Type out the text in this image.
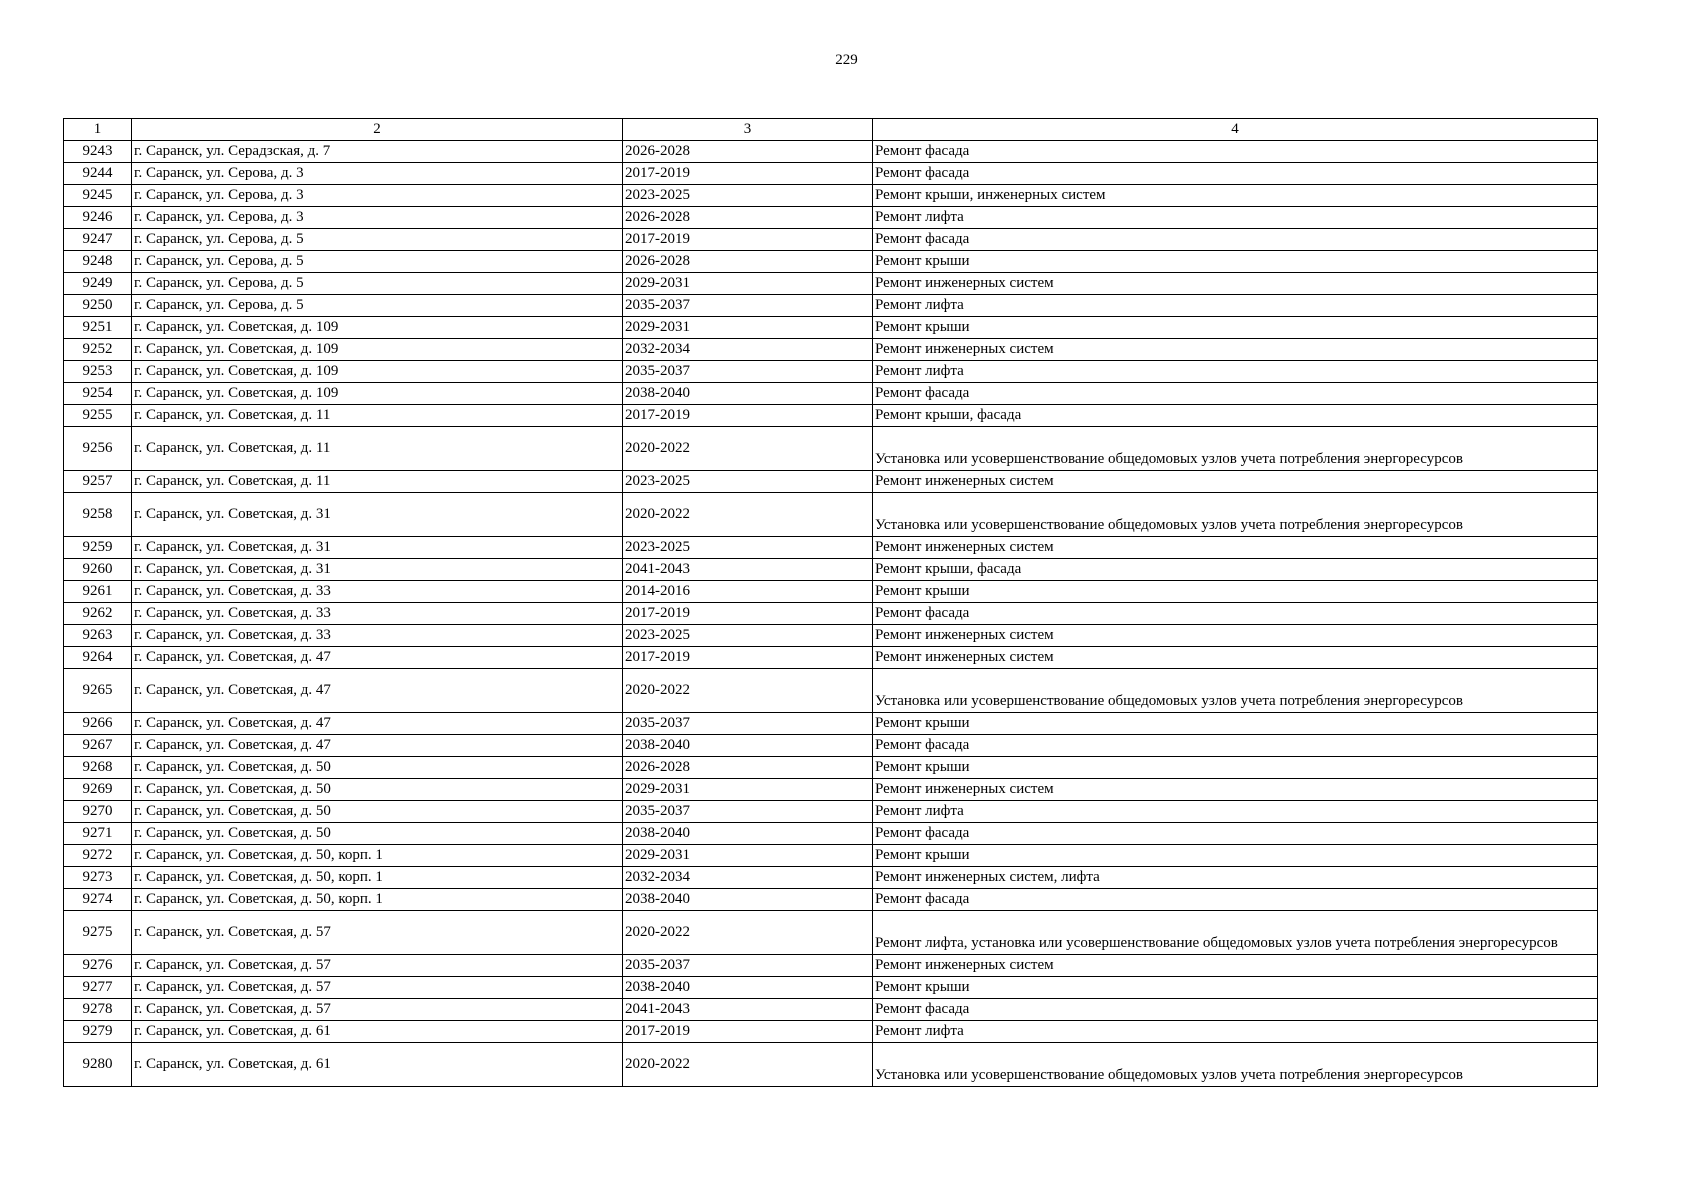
229
1	2	3	4
9243	г. Саранск, ул. Серадзская, д. 7	2026-2028	Ремонт фасада
9244	г. Саранск, ул. Серова, д. 3	2017-2019	Ремонт фасада
9245	г. Саранск, ул. Серова, д. 3	2023-2025	Ремонт крыши, инженерных систем
9246	г. Саранск, ул. Серова, д. 3	2026-2028	Ремонт лифта
9247	г. Саранск, ул. Серова, д. 5	2017-2019	Ремонт фасада
9248	г. Саранск, ул. Серова, д. 5	2026-2028	Ремонт крыши
9249	г. Саранск, ул. Серова, д. 5	2029-2031	Ремонт инженерных систем
9250	г. Саранск, ул. Серова, д. 5	2035-2037	Ремонт лифта
9251	г. Саранск, ул. Советская, д. 109	2029-2031	Ремонт крыши
9252	г. Саранск, ул. Советская, д. 109	2032-2034	Ремонт инженерных систем
9253	г. Саранск, ул. Советская, д. 109	2035-2037	Ремонт лифта
9254	г. Саранск, ул. Советская, д. 109	2038-2040	Ремонт фасада
9255	г. Саранск, ул. Советская, д. 11	2017-2019	Ремонт крыши, фасада
9256	г. Саранск, ул. Советская, д. 11	2020-2022	Установка или усовершенствование общедомовых узлов учета потребления энергоресурсов
9257	г. Саранск, ул. Советская, д. 11	2023-2025	Ремонт инженерных систем
9258	г. Саранск, ул. Советская, д. 31	2020-2022	Установка или усовершенствование общедомовых узлов учета потребления энергоресурсов
9259	г. Саранск, ул. Советская, д. 31	2023-2025	Ремонт инженерных систем
9260	г. Саранск, ул. Советская, д. 31	2041-2043	Ремонт крыши, фасада
9261	г. Саранск, ул. Советская, д. 33	2014-2016	Ремонт крыши
9262	г. Саранск, ул. Советская, д. 33	2017-2019	Ремонт фасада
9263	г. Саранск, ул. Советская, д. 33	2023-2025	Ремонт инженерных систем
9264	г. Саранск, ул. Советская, д. 47	2017-2019	Ремонт инженерных систем
9265	г. Саранск, ул. Советская, д. 47	2020-2022	Установка или усовершенствование общедомовых узлов учета потребления энергоресурсов
9266	г. Саранск, ул. Советская, д. 47	2035-2037	Ремонт крыши
9267	г. Саранск, ул. Советская, д. 47	2038-2040	Ремонт фасада
9268	г. Саранск, ул. Советская, д. 50	2026-2028	Ремонт крыши
9269	г. Саранск, ул. Советская, д. 50	2029-2031	Ремонт инженерных систем
9270	г. Саранск, ул. Советская, д. 50	2035-2037	Ремонт лифта
9271	г. Саранск, ул. Советская, д. 50	2038-2040	Ремонт фасада
9272	г. Саранск, ул. Советская, д. 50, корп. 1	2029-2031	Ремонт крыши
9273	г. Саранск, ул. Советская, д. 50, корп. 1	2032-2034	Ремонт инженерных систем, лифта
9274	г. Саранск, ул. Советская, д. 50, корп. 1	2038-2040	Ремонт фасада
9275	г. Саранск, ул. Советская, д. 57	2020-2022	Ремонт лифта, установка или усовершенствование общедомовых узлов учета потребления энергоресурсов
9276	г. Саранск, ул. Советская, д. 57	2035-2037	Ремонт инженерных систем
9277	г. Саранск, ул. Советская, д. 57	2038-2040	Ремонт крыши
9278	г. Саранск, ул. Советская, д. 57	2041-2043	Ремонт фасада
9279	г. Саранск, ул. Советская, д. 61	2017-2019	Ремонт лифта
9280	г. Саранск, ул. Советская, д. 61	2020-2022	Установка или усовершенствование общедомовых узлов учета потребления энергоресурсов
